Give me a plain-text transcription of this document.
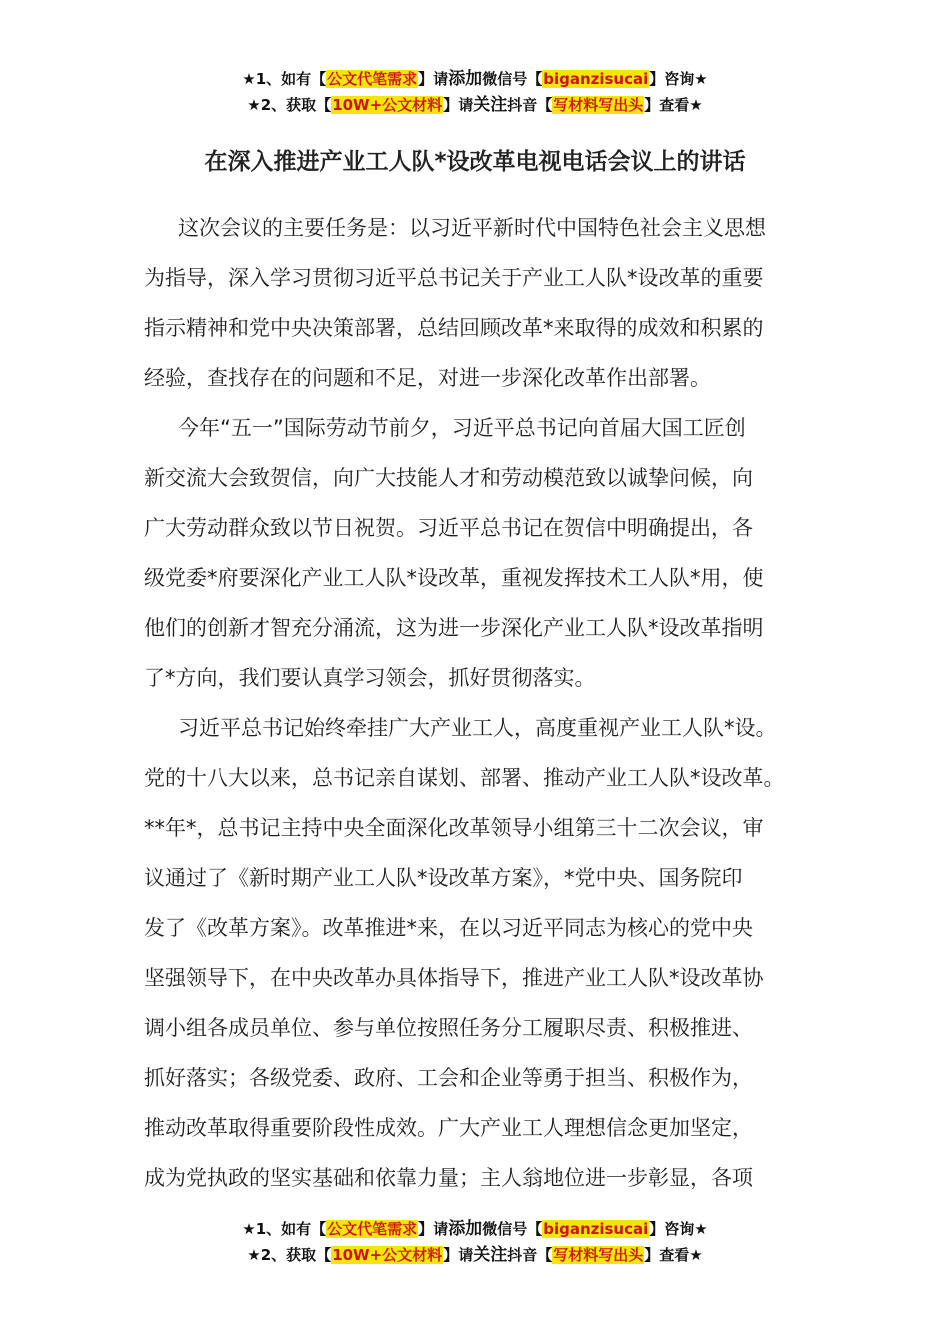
★1、如有【公文代笔需求】请添加微信号【biganzisucai】咨询★
★2、获取【10W+公文材料】请关注抖音【写材料写出头】查看★
在深入推进产业工人队*设改革电视电话会议上的讲话

这次会议的主要任务是：以习近平新时代中国特色社会主义思想
为指导，深入学习贯彻习近平总书记关于产业工人队*设改革的重要
指示精神和党中央决策部署，总结回顾改革*来取得的成效和积累的
经验，查找存在的问题和不足，对进一步深化改革作出部署。

今年“五一”国际劳动节前夕，习近平总书记向首届大国工匠创
新交流大会致贺信，向广大技能人才和劳动模范致以诚挚问候，向
广大劳动群众致以节日祝贺。习近平总书记在贺信中明确提出，各
级党委*府要深化产业工人队*设改革，重视发挥技术工人队*用，使
他们的创新才智充分涌流，这为进一步深化产业工人队*设改革指明
了*方向，我们要认真学习领会，抓好贯彻落实。

习近平总书记始终牵挂广大产业工人，高度重视产业工人队*设。
党的十八大以来，总书记亲自谋划、部署、推动产业工人队*设改革。
**年*，总书记主持中央全面深化改革领导小组第三十二次会议，审
议通过了《新时期产业工人队*设改革方案》，*党中央、国务院印
发了《改革方案》。改革推进*来，在以习近平同志为核心的党中央
坚强领导下，在中央改革办具体指导下，推进产业工人队*设改革协
调小组各成员单位、参与单位按照任务分工履职尽责、积极推进、
抓好落实；各级党委、政府、工会和企业等勇于担当、积极作为，
推动改革取得重要阶段性成效。广大产业工人理想信念更加坚定，
成为党执政的坚实基础和依靠力量；主人翁地位进一步彰显，各项

★1、如有【公文代笔需求】请添加微信号【biganzisucai】咨询★
★2、获取【10W+公文材料】请关注抖音【写材料写出头】查看★
